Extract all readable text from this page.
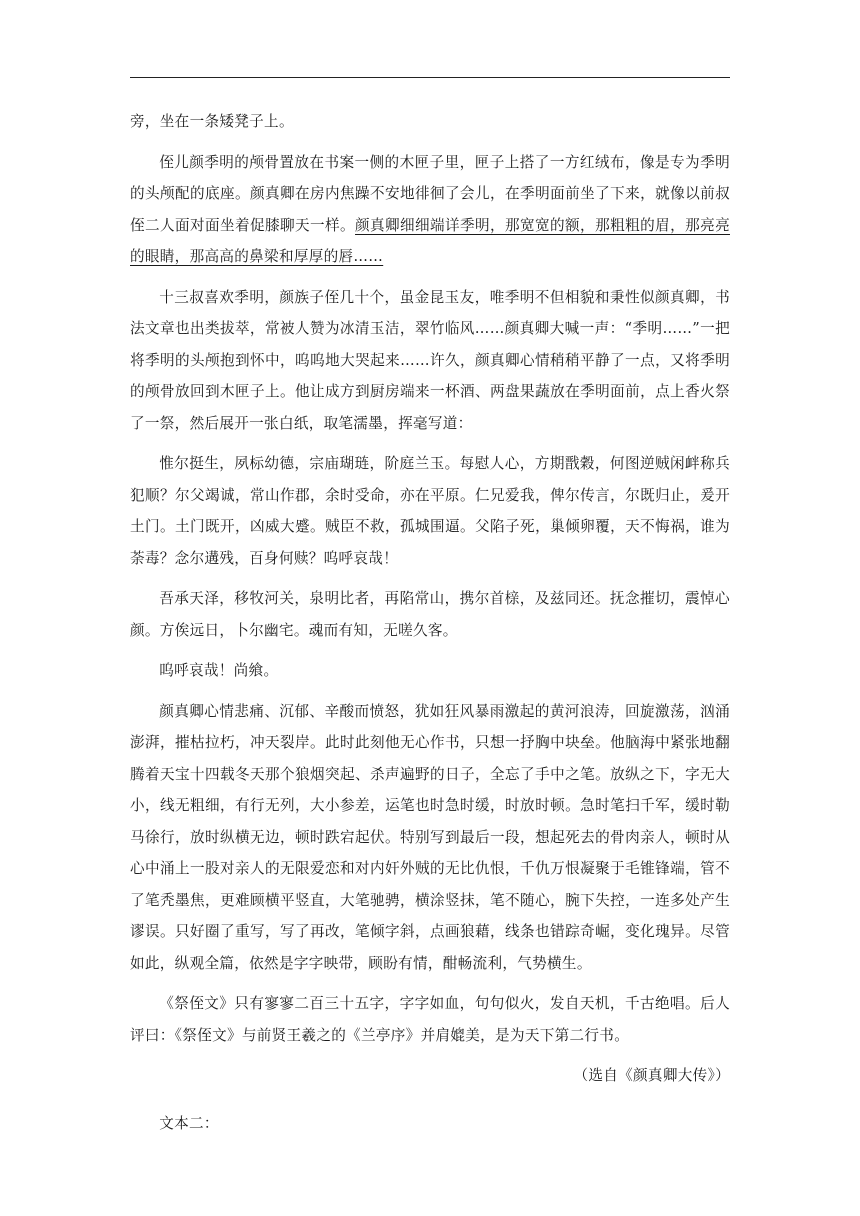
旁，坐在一条矮凳子上。

侄儿颜季明的颅骨置放在书案一侧的木匣子里，匣子上搭了一方红绒布，像是专为季明的头颅配的底座。颜真卿在房内焦躁不安地徘徊了会儿，在季明面前坐了下来，就像以前叔侄二人面对面坐着促膝聊天一样。颜真卿细细端详季明，那宽宽的额，那粗粗的眉，那亮亮的眼睛，那高高的鼻梁和厚厚的唇……

十三叔喜欢季明，颜族子侄几十个，虽金昆玉友，唯季明不但相貌和秉性似颜真卿，书法文章也出类拔萃，常被人赞为冰清玉洁，翠竹临风……颜真卿大喊一声：“季明……”一把将季明的头颅抱到怀中，呜呜地大哭起来……许久，颜真卿心情稍稍平静了一点，又将季明的颅骨放回到木匣子上。他让成方到厨房端来一杯酒、两盘果蔬放在季明面前，点上香火祭了一祭，然后展开一张白纸，取笔濡墨，挥毫写道：

惟尔挺生，夙标幼德，宗庙瑚琏，阶庭兰玉。每慰人心，方期戬穀，何图逆贼闲衅称兵犯顺？尔父竭诚，常山作郡，余时受命，亦在平原。仁兄爱我，俾尔传言，尔既归止，爰开土门。土门既开，凶威大蹙。贼臣不救，孤城围逼。父陷子死，巢倾卵覆，天不悔祸，谁为荼毒？念尔遘残，百身何赎？呜呼哀哉！

吾承天泽，移牧河关，泉明比者，再陷常山，携尔首榇，及兹同还。抚念摧切，震悼心颜。方俟远日，卜尔幽宅。魂而有知，无嗟久客。

呜呼哀哉！尚飨。

颜真卿心情悲痛、沉郁、辛酸而愤怒，犹如狂风暴雨激起的黄河浪涛，回旋激荡，汹涌澎湃，摧枯拉朽，冲天裂岸。此时此刻他无心作书，只想一抒胸中块垒。他脑海中紧张地翻腾着天宝十四载冬天那个狼烟突起、杀声遍野的日子，全忘了手中之笔。放纵之下，字无大小，线无粗细，有行无列，大小参差，运笔也时急时缓，时放时顿。急时笔扫千军，缓时勒马徐行，放时纵横无边，顿时跌宕起伏。特别写到最后一段，想起死去的骨肉亲人，顿时从心中涌上一股对亲人的无限爱恋和对内奸外贼的无比仇恨，千仇万恨凝聚于毛锥锋端，管不了笔秃墨焦，更难顾横平竖直，大笔驰骋，横涂竖抹，笔不随心，腕下失控，一连多处产生谬误。只好圈了重写，写了再改，笔倾字斜，点画狼藉，线条也错踪奇崛，变化瑰异。尽管如此，纵观全篇，依然是字字映带，顾盼有情，酣畅流利，气势横生。

《祭侄文》只有寥寥二百三十五字，字字如血，句句似火，发自天机，千古绝唱。后人评曰：《祭侄文》与前贤王羲之的《兰亭序》并肩媲美，是为天下第二行书。

（选自《颜真卿大传》）

文本二：
